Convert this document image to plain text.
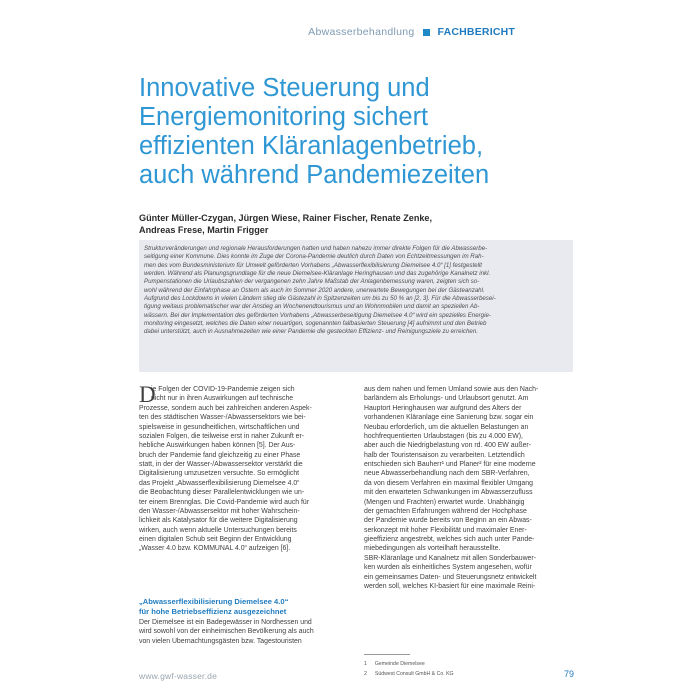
Abwasserbehandlung FACHBERICHT
Innovative Steuerung und
Energiemonitoring sichert
effizienten Kläranlagenbetrieb,
auch während Pandemiezeiten
Günter Müller-Czygan, Jürgen Wiese, Rainer Fischer, Renate Zenke,
Andreas Frese, Martin Frigger
Strukturveränderungen und regionale Herausforderungen hatten und haben nahezu immer direkte Folgen für die Abwasserbe-
seitigung einer Kommune. Dies konnte im Zuge der Corona-Pandemie deutlich durch Daten von Echtzeitmessungen im Rah-
men des vom Bundesministerium für Umwelt geförderten Vorhabens „Abwasserflexibilisierung Diemelsee 4.0“ [1] festgestellt
werden. Während als Planungsgrundlage für die neue Diemelsee-Kläranlage Heringhausen und das zugehörige Kanalnetz inkl.
Pumpenstationen die Urlaubszahlen der vergangenen zehn Jahre Maßstab der Anlagenbemessung waren, zeigten sich so-
wohl während der Einfahrphase an Ostern als auch im Sommer 2020 andere, unerwartete Bewegungen bei der Gästeanzahl.
Aufgrund des Lockdowns in vielen Ländern stieg die Gästezahl in Spitzenzeiten um bis zu 50 % an [2, 3]. Für die Abwasserbesei-
tigung weitaus problematischer war der Anstieg an Wochenendtourismus und an Wohnmobilen und damit an speziellen Ab-
wässern. Bei der Implementation des geförderten Vorhabens „Abwasserbeseitigung Diemelsee 4.0“ wird ein spezielles Energie-
monitoring eingesetzt, welches die Daten einer neuartigen, sogenannten fallbasierten Steuerung [4] aufnimmt und den Betrieb
dabei unterstützt, auch in Ausnahmezeiten wie einer Pandemie die gesteckten Effizienz- und Reinigungsziele zu erreichen.
D
ie Folgen der COVID-19-Pandemie zeigen sich
nicht nur in ihren Auswirkungen auf technische
Prozesse, sondern auch bei zahlreichen anderen Aspek-
ten des städtischen Wasser-/Abwassersektors wie bei-
spielsweise in gesundheitlichen, wirtschaftlichen und
sozialen Folgen, die teilweise erst in naher Zukunft er-
hebliche Auswirkungen haben können [5]. Der Aus-
bruch der Pandemie fand gleichzeitig zu einer Phase
statt, in der der Wasser-/Abwassersektor verstärkt die
Digitalisierung umzusetzen versuchte. So ermöglicht
das Projekt „Abwasserflexibilisierung Diemelsee 4.0“
die Beobachtung dieser Parallelentwicklungen wie un-
ter einem Brennglas. Die Covid-Pandemie wird auch für
den Wasser-/Abwassersektor mit hoher Wahrschein-
lichkeit als Katalysator für die weitere Digitalisierung
wirken, auch wenn aktuelle Untersuchungen bereits
einen digitalen Schub seit Beginn der Entwicklung
„Wasser 4.0 bzw. KOMMUNAL 4.0“ aufzeigen [6].
„Abwasserflexibilisierung Diemelsee 4.0“
für hohe Betriebseffizienz ausgezeichnet
Der Diemelsee ist ein Badegewässer in Nordhessen und
wird sowohl von der einheimischen Bevölkerung als auch
von vielen Übernachtungsgästen bzw. Tagestouristen
aus dem nahen und fernen Umland sowie aus den Nach-
barländern als Erholungs- und Urlaubsort genutzt. Am
Hauptort Heringhausen war aufgrund des Alters der
vorhandenen Kläranlage eine Sanierung bzw. sogar ein
Neubau erforderlich, um die aktuellen Belastungen an
hochfrequentierten Urlaubstagen (bis zu 4.000 EW),
aber auch die Niedrigbelastung von rd. 400 EW außer-
halb der Touristensaison zu verarbeiten. Letztendlich
entschieden sich Bauherr¹ und Planer² für eine moderne
neue Abwasserbehandlung nach dem SBR-Verfahren,
da von diesem Verfahren ein maximal flexibler Umgang
mit den erwarteten Schwankungen im Abwasserzufluss
(Mengen und Frachten) erwartet wurde. Unabhängig
der gemachten Erfahrungen während der Hochphase
der Pandemie wurde bereits von Beginn an ein Abwas-
serkonzept mit hoher Flexibilität und maximaler Ener-
gieeffizienz angestrebt, welches sich auch unter Pande-
miebedingungen als vorteilhaft herausstellte.
SBR-Kläranlage und Kanalnetz mit allen Sonderbauwer-
ken wurden als einheitliches System angesehen, wofür
ein gemeinsames Daten- und Steuerungsnetz entwickelt
werden soll, welches KI-basiert für eine maximale Reini-
1 Gemeinde Diemelsee
2 Südwest Consult GmbH & Co. KG
www.gwf-wasser.de	79
